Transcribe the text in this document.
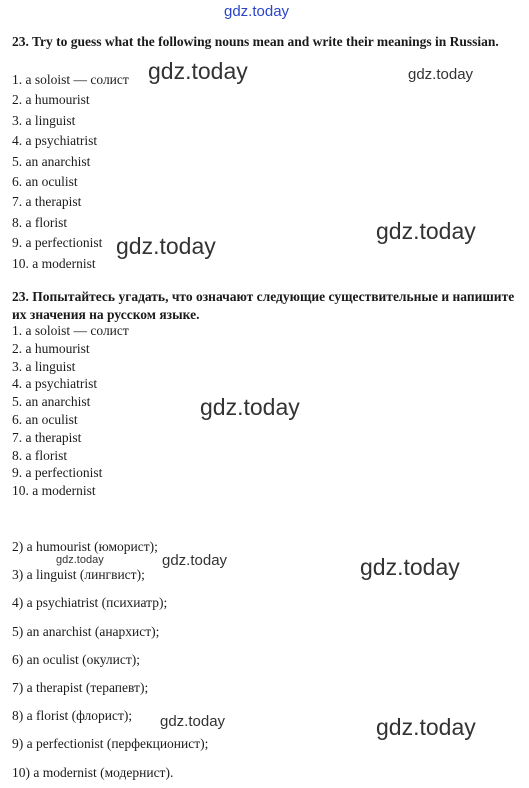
gdz.today
23. Try to guess what the following nouns mean and write their meanings in Russian.
1. a soloist — солист
2. a humourist
3. a linguist
4. a psychiatrist
5. an anarchist
6. an oculist
7. a therapist
8. a florist
9. a perfectionist
10. a modernist
23. Попытайтесь угадать, что означают следующие существительные и напишите их значения на русском языке.
1. a soloist — солист
2. a humourist
3. a linguist
4. a psychiatrist
5. an anarchist
6. an oculist
7. a therapist
8. a florist
9. a perfectionist
10. a modernist
2) a humourist (юморист);
3) a linguist (лингвист);
4) a psychiatrist (психиатр);
5) an anarchist (анархист);
6) an oculist (окулист);
7) a therapist (терапевт);
8) a florist (флорист);
9) a perfectionist (перфекционист);
10) a modernist (модернист).
gdz.today	gdz.today
gdz.today
gdz.today
gdz.today
gdz.today	gdz.today	gdz.today
gdz.today	gdz.today
